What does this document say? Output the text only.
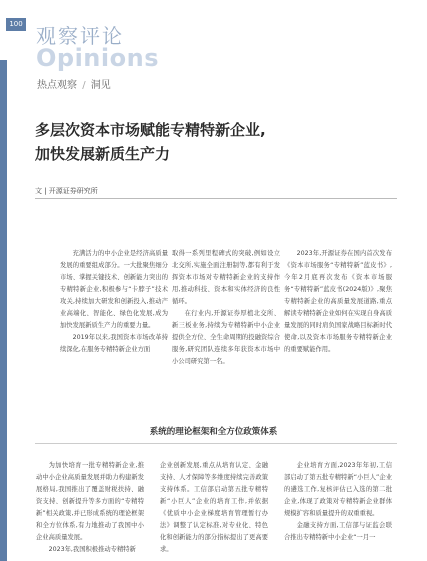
100 观察评论
Opinions
热点观察 / 洞见
多层次资本市场赋能专精特新企业,
加快发展新质生产力
文 | 开源证券研究所

充满活力的中小企业是经济高质量发展的重要组成部分。一大批聚焦细分市场、掌握关键技术、创新能力突出的专精特新企业,积极参与“卡脖子”技术攻关,持续加大研发和创新投入,推动产业高端化、智能化、绿色化发展,成为加快发展新质生产力的重要力量。

2019年以来,我国资本市场改革持续深化,在服务专精特新企业方面

取得一系列里程碑式的突破,例如设立北交所,实施全面注册制等,都有利于发挥资本市场对专精特新企业的支持作用,推动科技、资本和实体经济的良性循环。

在行业内,开源证券厚植北交所、新三板业务,持续为专精特新中小企业提供全方位、全生命周期的投融资综合服务,研究团队连续多年获资本市场中小公司研究第一名。

2023年,开源证券在国内首次发布《资本市场服务“专精特新”蓝皮书》,今年2月底再次发布《资本市场服务“专精特新”蓝皮书(2024版)》,聚焦专精特新企业的高质量发展道路,重点解读专精特新企业如何在实现自身高质量发展的同时肩负国家战略目标新时代使命,以及资本市场服务专精特新企业的重要赋能作用。

系统的理论框架和全方位政策体系

为加快培育一批专精特新企业,推动中小企业高质量发展并助力构建新发展格局,我国推出了覆盖财税扶持、融资支持、创新提升等多方面的“专精特新”相关政策,并已形成系统的理论框架和全方位体系,有力地推动了我国中小企业高质量发展。

2023年,我国积极推动专精特新

企业创新发展,重点从培育认定、金融支持、人才保障等多维度持续完善政策支持体系。工信部启动第五批专精特新“小巨人”企业的培育工作,并依据《优质中小企业梯度培育管理暂行办法》调整了认定标准,对专业化、特色化和创新能力的部分指标提出了更高要求。

企业培育方面,2023年年初,工信部启动了第五批专精特新“小巨人”企业的遴选工作,复核评估已入选的第二批企业,体现了政策对专精特新企业群体规模扩容和质量提升的双重重视。

金融支持方面,工信部与证监会联合推出专精特新中小企业“一月一
